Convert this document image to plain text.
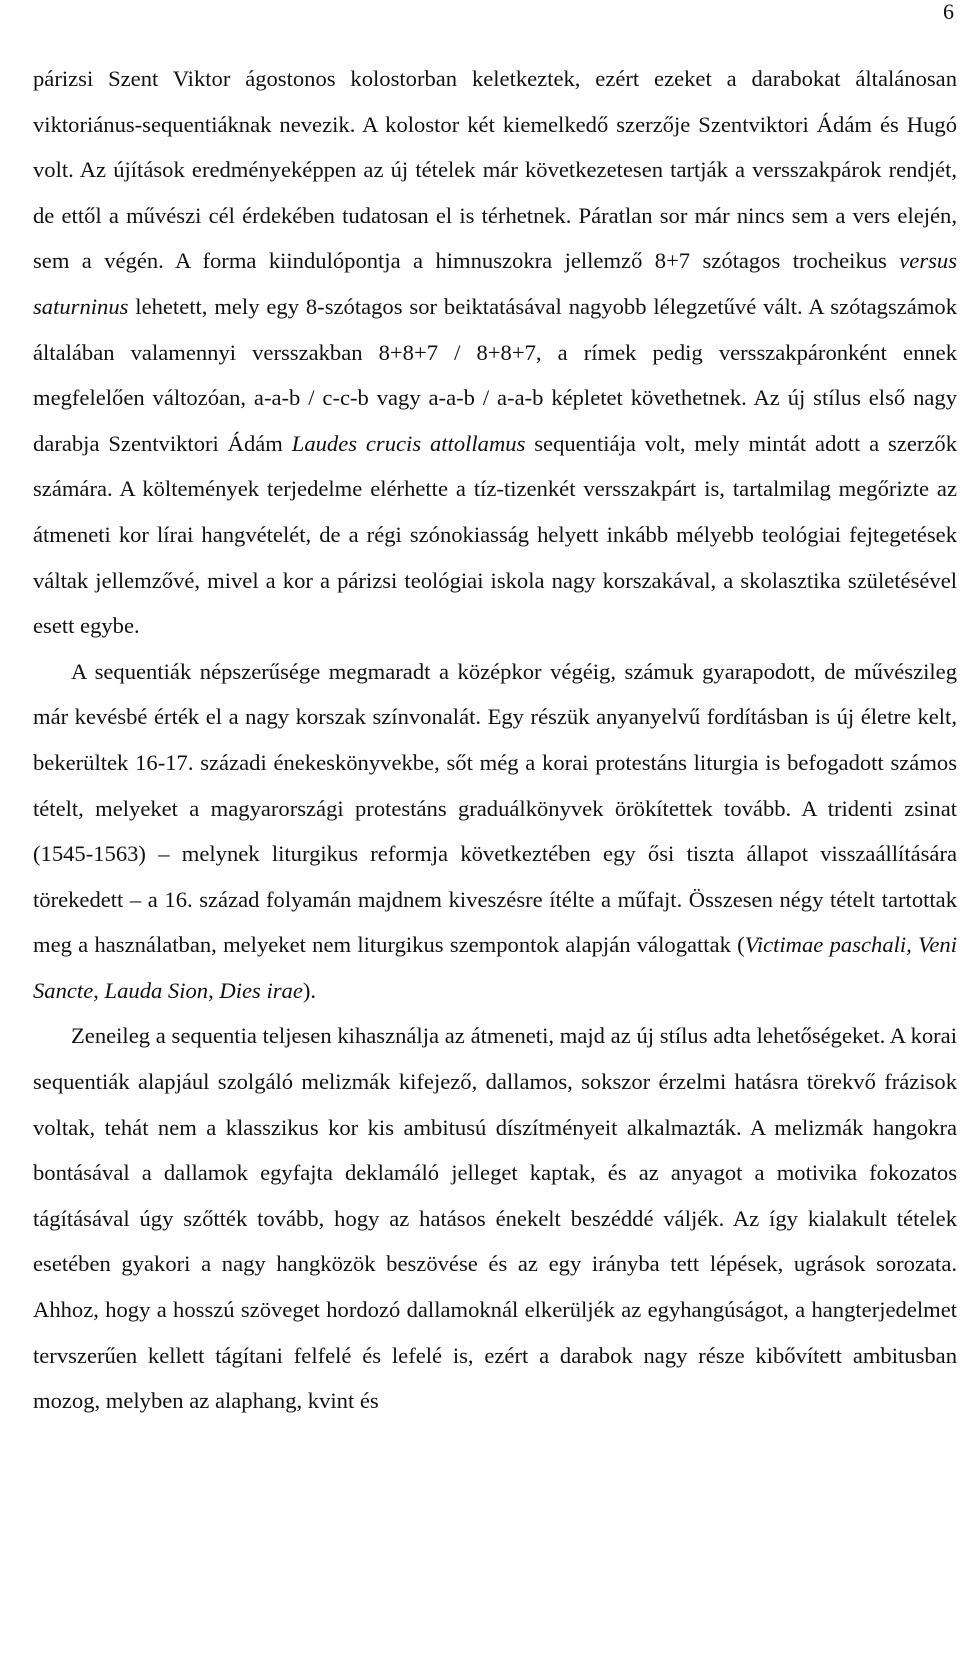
6

párizsi Szent Viktor ágostonos kolostorban keletkeztek, ezért ezeket a darabokat általánosan viktoriánus-sequentiáknak nevezik. A kolostor két kiemelkedő szerzője Szentviktori Ádám és Hugó volt. Az újítások eredményeképpen az új tételek már következetesen tartják a versszakpárok rendjét, de ettől a művészi cél érdekében tudatosan el is térhetnek. Páratlan sor már nincs sem a vers elején, sem a végén. A forma kiindulópontja a himnuszokra jellemző 8+7 szótagos trocheikus versus saturninus lehetett, mely egy 8-szótagos sor beiktatásával nagyobb lélegzetűvé vált. A szótagszámok általában valamennyi versszakban 8+8+7 / 8+8+7, a rímek pedig versszakpáronként ennek megfelelően változóan, a-a-b / c-c-b vagy a-a-b / a-a-b képletet követhetnek. Az új stílus első nagy darabja Szentviktori Ádám Laudes crucis attollamus sequentiája volt, mely mintát adott a szerzők számára. A költemények terjedelme elérhette a tíz-tizenkét versszakpárt is, tartalmilag megőrizte az átmeneti kor lírai hangvételét, de a régi szónokiasság helyett inkább mélyebb teológiai fejtegetések váltak jellemzővé, mivel a kor a párizsi teológiai iskola nagy korszakával, a skolasztika születésével esett egybe.

A sequentiák népszerűsége megmaradt a középkor végéig, számuk gyarapodott, de művészileg már kevésbé érték el a nagy korszak színvonalát. Egy részük anyanyelvű fordításban is új életre kelt, bekerültek 16-17. századi énekeskönyvekbe, sőt még a korai protestáns liturgia is befogadott számos tételt, melyeket a magyarországi protestáns graduálkönyvek örökítettek tovább. A tridenti zsinat (1545-1563) – melynek liturgikus reformja következtében egy ősi tiszta állapot visszaállítására törekedett – a 16. század folyamán majdnem kiveszésre ítélte a műfajt. Összesen négy tételt tartottak meg a használatban, melyeket nem liturgikus szempontok alapján válogattak (Victimae paschali, Veni Sancte, Lauda Sion, Dies irae).

Zeneileg a sequentia teljesen kihasználja az átmeneti, majd az új stílus adta lehetőségeket. A korai sequentiák alapjául szolgáló melizmák kifejező, dallamos, sokszor érzelmi hatásra törekvő frázisok voltak, tehát nem a klasszikus kor kis ambitusú díszítményeit alkalmazták. A melizmák hangokra bontásával a dallamok egyfajta deklamáló jelleget kaptak, és az anyagot a motivika fokozatos tágításával úgy szőtték tovább, hogy az hatásos énekelt beszéddé váljék. Az így kialakult tételek esetében gyakori a nagy hangközök beszövése és az egy irányba tett lépések, ugrások sorozata. Ahhoz, hogy a hosszú szöveget hordozó dallamoknál elkerüljék az egyhangúságot, a hangterjedelmet tervszerűen kellett tágítani felfelé és lefelé is, ezért a darabok nagy része kibővített ambitusban mozog, melyben az alaphang, kvint és
